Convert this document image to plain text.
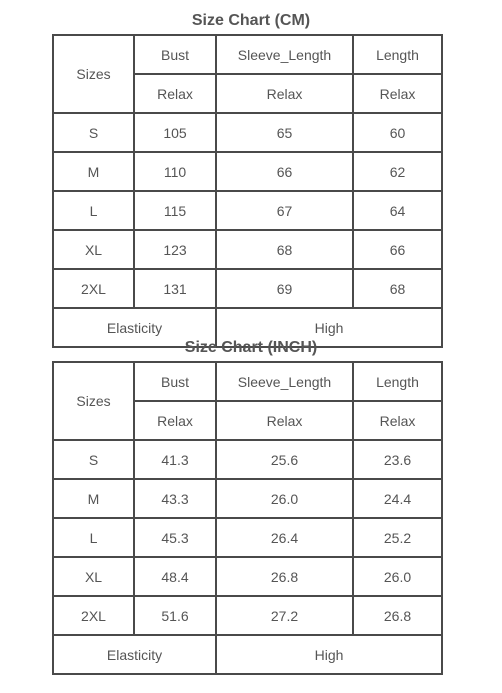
Size Chart (CM)
Sizes	Bust	Sleeve_Length	Length
	Relax	Relax	Relax
S	105	65	60
M	110	66	62
L	115	67	64
XL	123	68	66
2XL	131	69	68
Elasticity		High	
Size Chart (INCH)
Sizes	Bust	Sleeve_Length	Length
	Relax	Relax	Relax
S	41.3	25.6	23.6
M	43.3	26.0	24.4
L	45.3	26.4	25.2
XL	48.4	26.8	26.0
2XL	51.6	27.2	26.8
Elasticity		High	
